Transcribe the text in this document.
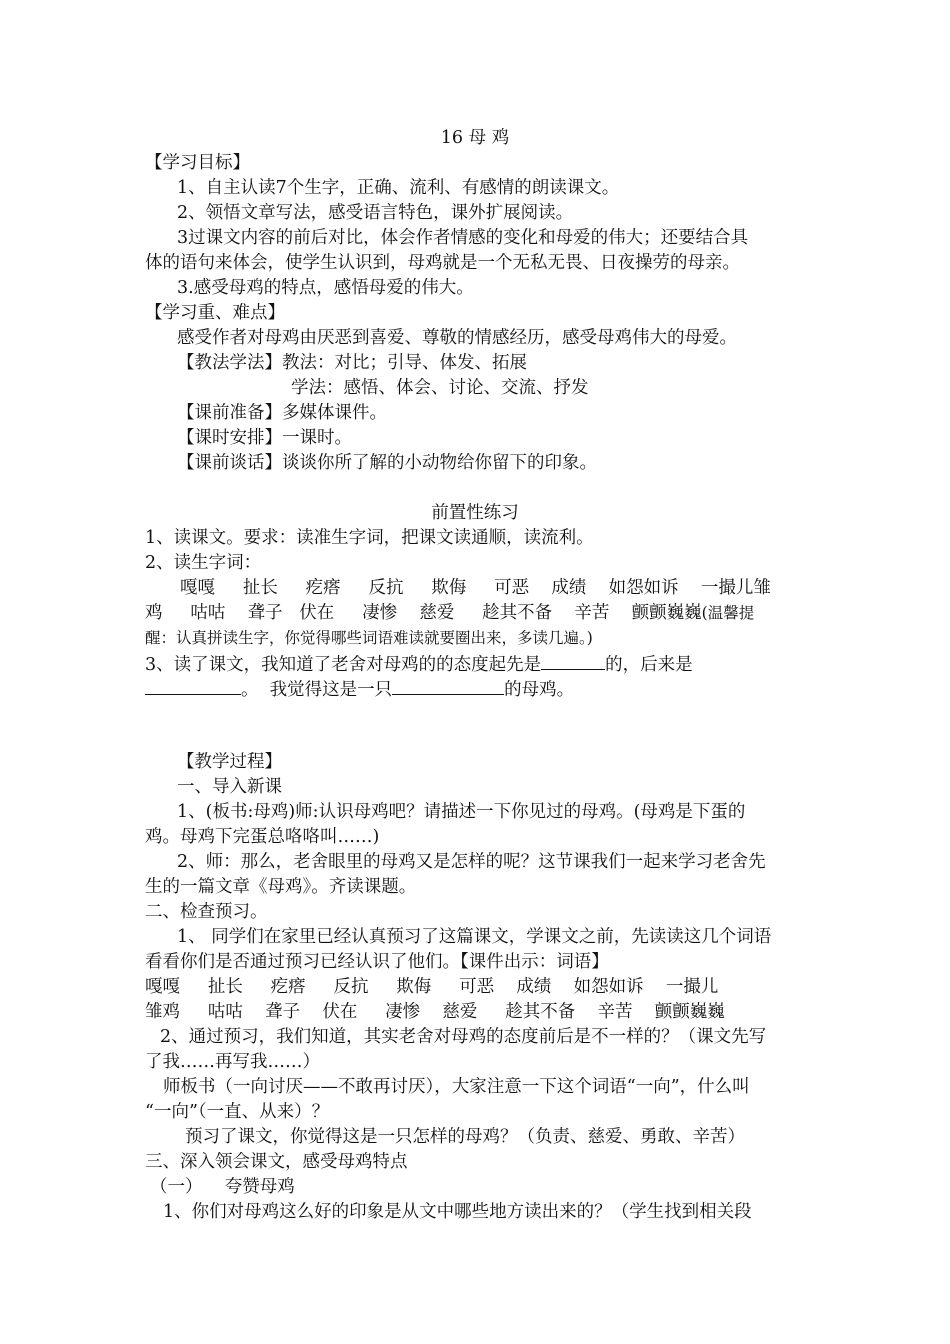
16 母 鸡
【学习目标】
1、自主认读7个生字，正确、流利、有感情的朗读课文。
2、领悟文章写法，感受语言特色，课外扩展阅读。
3过课文内容的前后对比，体会作者情感的变化和母爱的伟大；还要结合具
体的语句来体会，使学生认识到，母鸡就是一个无私无畏、日夜操劳的母亲。
3.感受母鸡的特点，感悟母爱的伟大。
【学习重、难点】
感受作者对母鸡由厌恶到喜爱、尊敬的情感经历，感受母鸡伟大的母爱。
【教法学法】教法：对比；引导、体发、拓展
学法：感悟、体会、讨论、交流、抒发
【课前准备】多媒体课件。
【课时安排】一课时。
【课前谈话】谈谈你所了解的小动物给你留下的印象。
前置性练习
1、读课文。要求：读准生字词，把课文读通顺，读流利。
2、读生字词：
嘎嘎     扯长     疙瘩     反抗     欺侮     可恶    成绩    如怨如诉    一撮儿雏
鸡     咕咕    聋子   伏在     凄惨    慈爱     趁其不备    辛苦    颤颤巍巍(温馨提
醒：认真拼读生字，你觉得哪些词语难读就要圈出来，多读几遍。)
3、读了课文，我知道了老舍对母鸡的的态度起先是	的，后来是
。  我觉得这是一只	的母鸡。
【教学过程】
一、导入新课
1、(板书:母鸡)师:认识母鸡吧？请描述一下你见过的母鸡。(母鸡是下蛋的
鸡。母鸡下完蛋总咯咯叫……)
2、师：那么，老舍眼里的母鸡又是怎样的呢？这节课我们一起来学习老舍先
生的一篇文章《母鸡》。齐读课题。
二、检查预习。
1、 同学们在家里已经认真预习了这篇课文，学课文之前，先读读这几个词语
看看你们是否通过预习已经认识了他们。【课件出示：词语】
嘎嘎     扯长     疙瘩     反抗     欺侮     可恶    成绩    如怨如诉    一撮儿
雏鸡     咕咕    聋子    伏在     凄惨    慈爱     趁其不备    辛苦    颤颤巍巍
2、通过预习，我们知道，其实老舍对母鸡的态度前后是不一样的？（课文先写
了我……再写我……）
师板书（一向讨厌——不敢再讨厌），大家注意一下这个词语“一向”，什么叫
“一向”（一直、从来）？
预习了课文，你觉得这是一只怎样的母鸡？（负责、慈爱、勇敢、辛苦）
三、深入领会课文，感受母鸡特点
（一）    夸赞母鸡
1、你们对母鸡这么好的印象是从文中哪些地方读出来的？（学生找到相关段
